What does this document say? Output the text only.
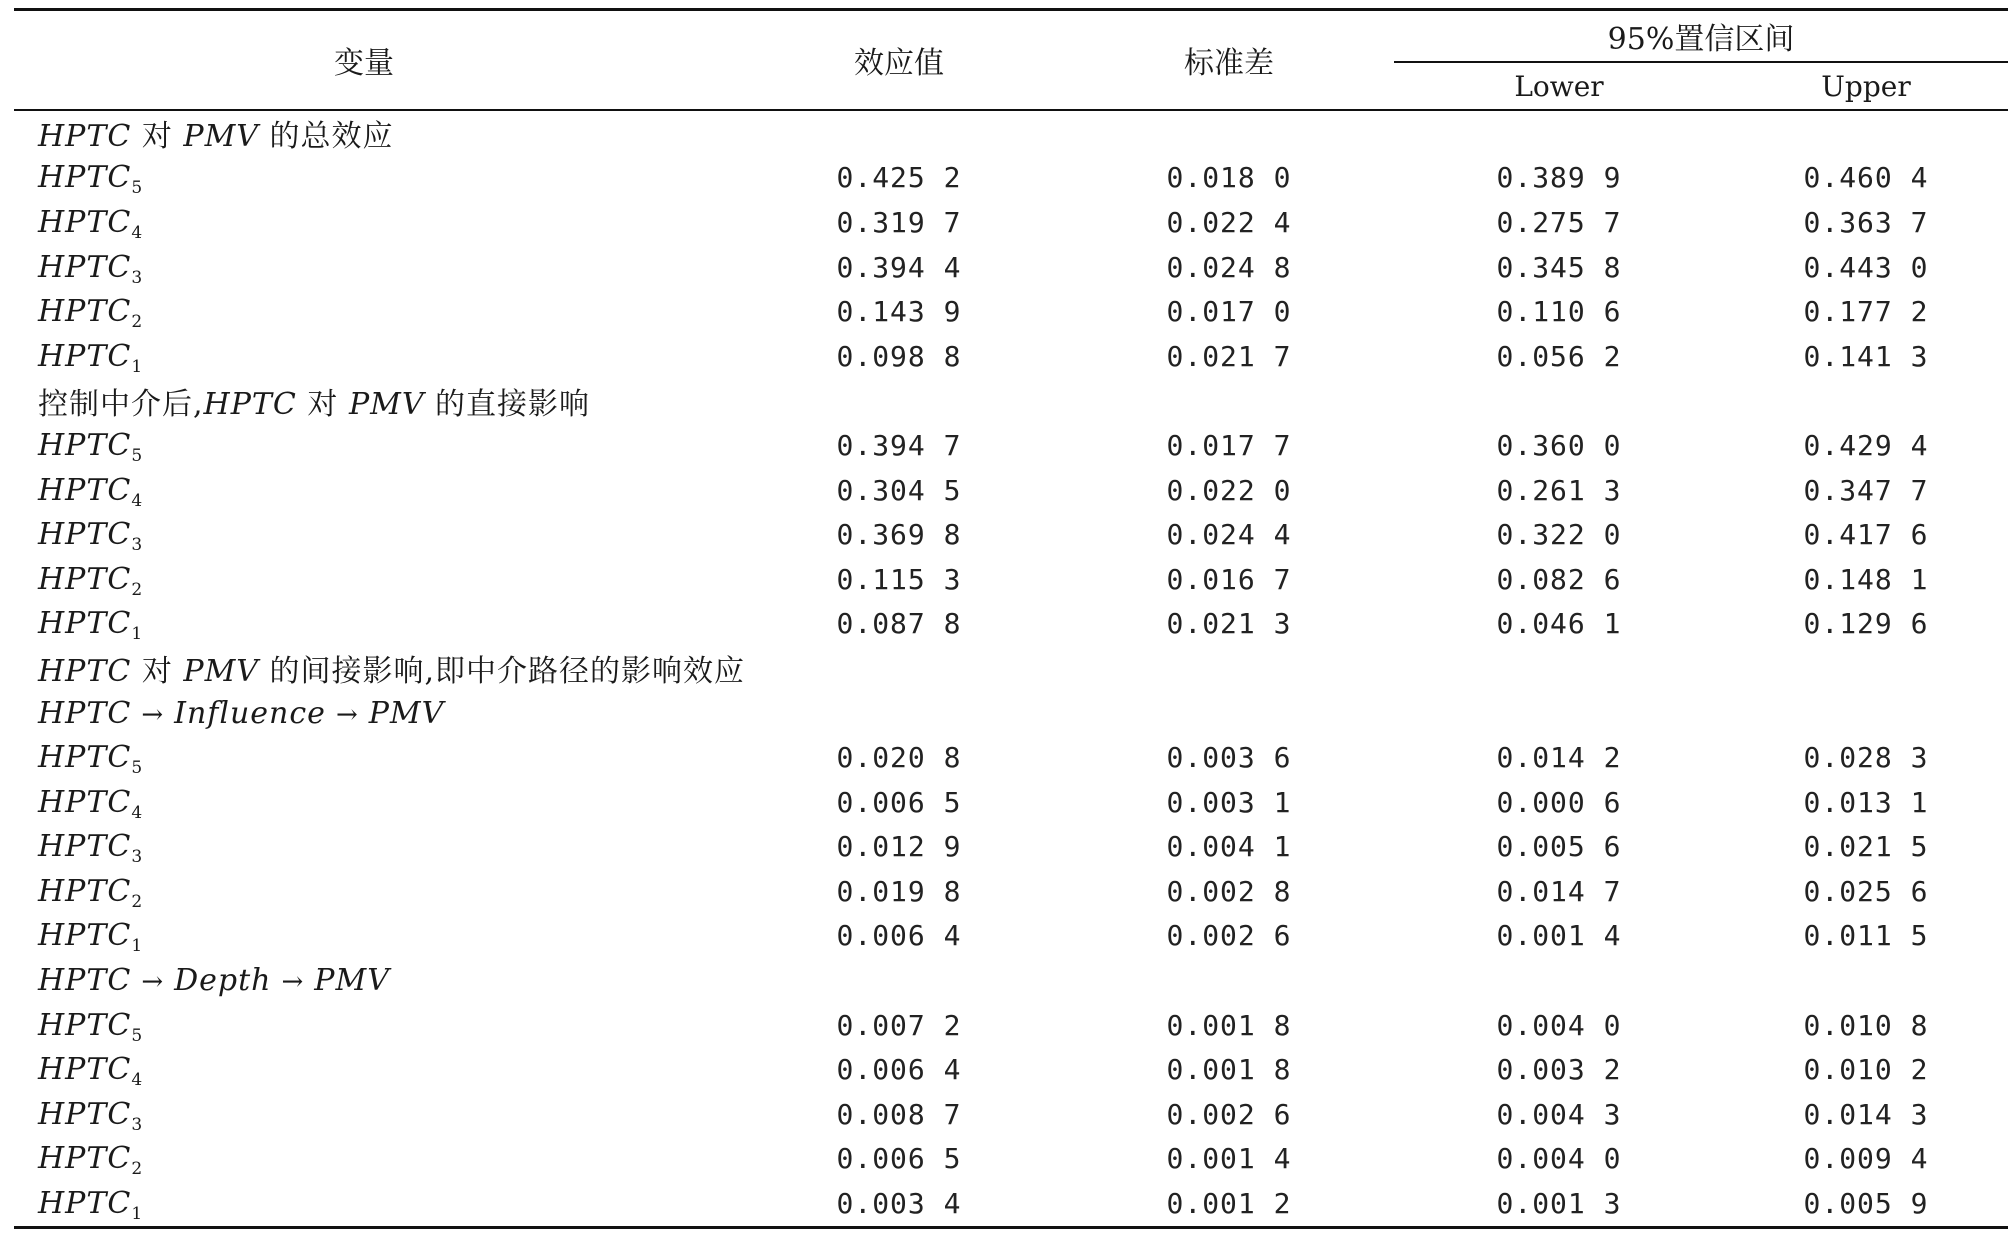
变量	效应值	标准差	95%置信区间	
			Lower	Upper
HPTC 对 PMV 的总效应				
$HPTC_5$	0.425 2	0.018 0	0.389 9	0.460 4
$HPTC_4$	0.319 7	0.022 4	0.275 7	0.363 7
$HPTC_3$	0.394 4	0.024 8	0.345 8	0.443 0
$HPTC_2$	0.143 9	0.017 0	0.110 6	0.177 2
$HPTC_1$	0.098 8	0.021 7	0.056 2	0.141 3
控制中介后,HPTC 对 PMV 的直接影响				
$HPTC_5$	0.394 7	0.017 7	0.360 0	0.429 4
$HPTC_4$	0.304 5	0.022 0	0.261 3	0.347 7
$HPTC_3$	0.369 8	0.024 4	0.322 0	0.417 6
$HPTC_2$	0.115 3	0.016 7	0.082 6	0.148 1
$HPTC_1$	0.087 8	0.021 3	0.046 1	0.129 6
HPTC 对 PMV 的间接影响,即中介路径的影响效应				
HPTC → Influence → PMV				
$HPTC_5$	0.020 8	0.003 6	0.014 2	0.028 3
$HPTC_4$	0.006 5	0.003 1	0.000 6	0.013 1
$HPTC_3$	0.012 9	0.004 1	0.005 6	0.021 5
$HPTC_2$	0.019 8	0.002 8	0.014 7	0.025 6
$HPTC_1$	0.006 4	0.002 6	0.001 4	0.011 5
HPTC → Depth → PMV				
$HPTC_5$	0.007 2	0.001 8	0.004 0	0.010 8
$HPTC_4$	0.006 4	0.001 8	0.003 2	0.010 2
$HPTC_3$	0.008 7	0.002 6	0.004 3	0.014 3
$HPTC_2$	0.006 5	0.001 4	0.004 0	0.009 4
$HPTC_1$	0.003 4	0.001 2	0.001 3	0.005 9
